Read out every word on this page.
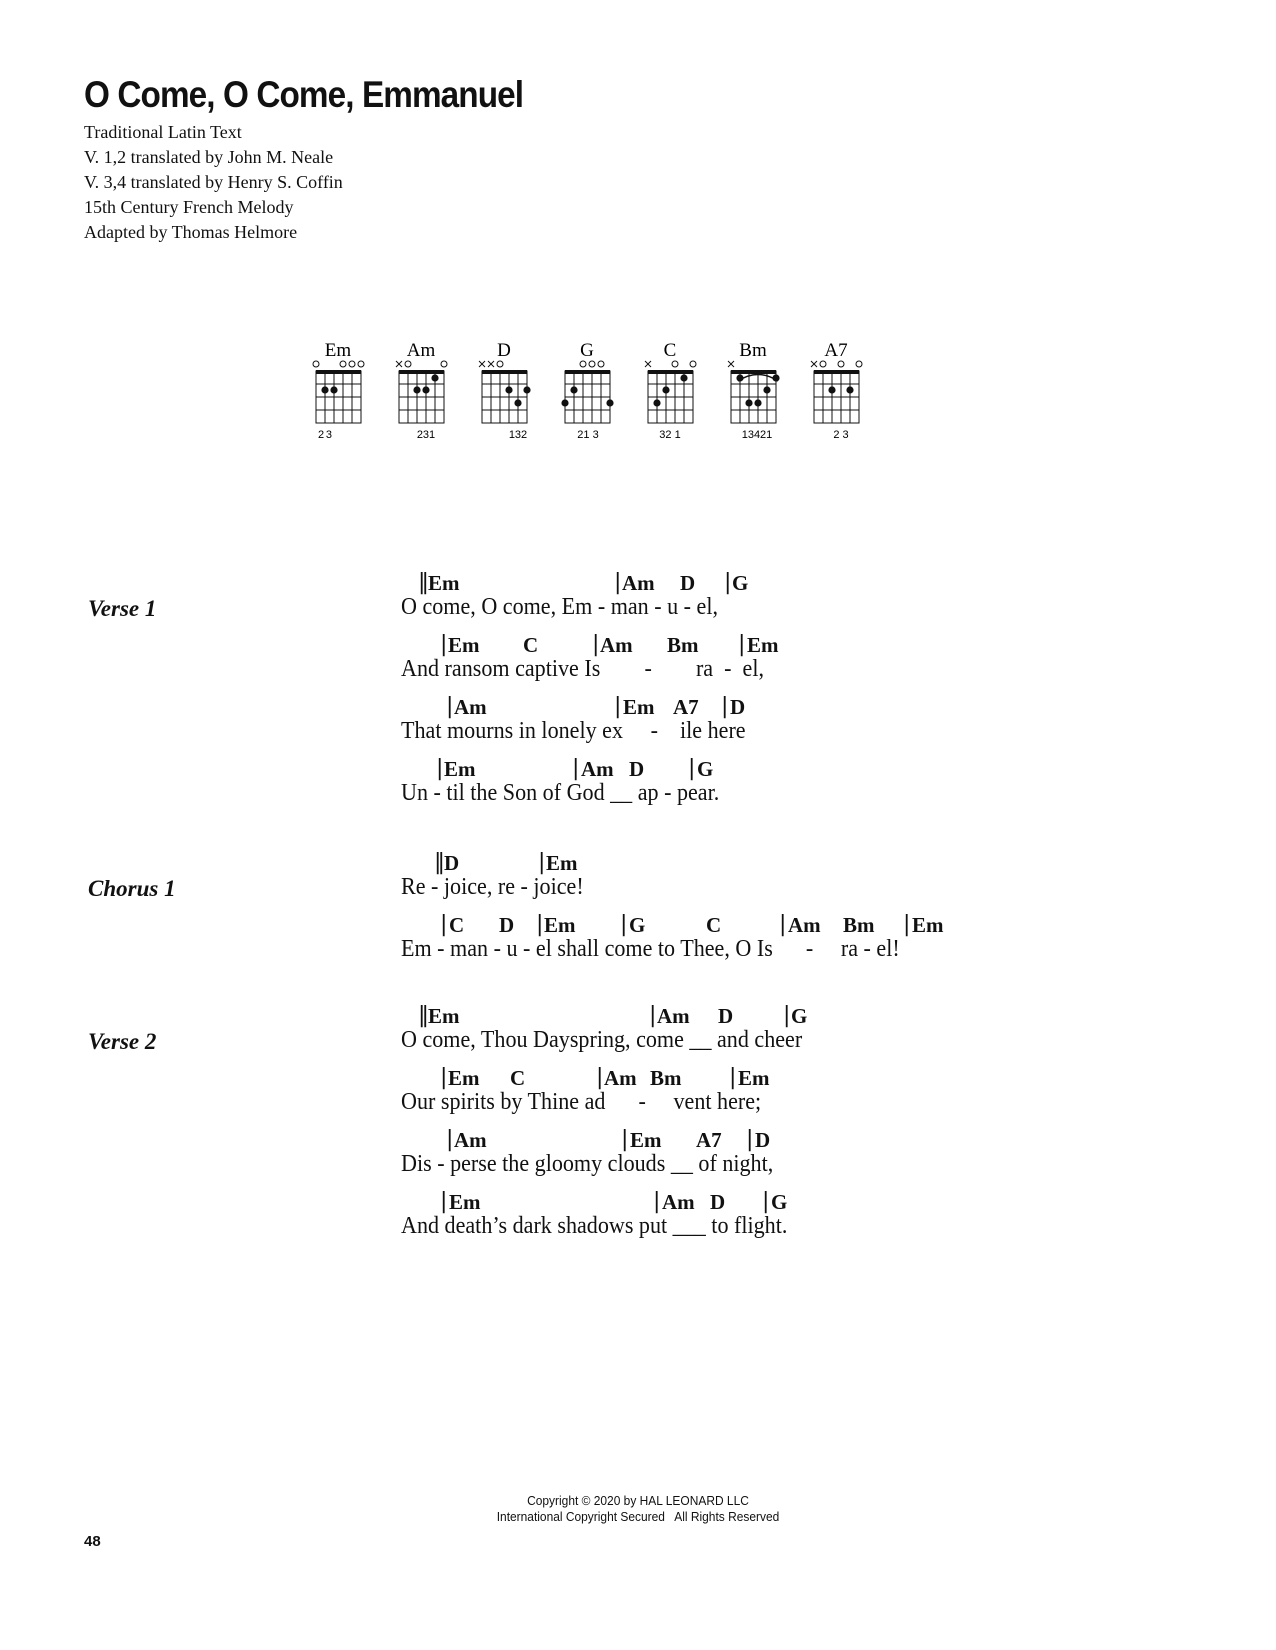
O Come, O Come, Emmanuel
Traditional Latin Text
V. 1,2 translated by John M. Neale
V. 3,4 translated by Henry S. Coffin
15th Century French Melody
Adapted by Thomas Helmore
Em
23
Am
231
D
132
G
21 3
C
32 1
Bm
13421
A7
2 3
Verse 1
‖ Em	| Am D | G
O come, O come, Em - man - u - el,
| Em C | Am Bm | Em
And ransom captive Is        -        ra  -  el,
| Am	| Em A7 | D
That mourns in lonely ex     -    ile here
| Em	| Am D | G
Un - til the Son of God __ ap - pear.
Chorus 1
‖ D	| Em
Re - joice, re - joice!
| C D | Em | G	C	| Am Bm | Em
Em - man - u - el shall come to Thee, O Is      -     ra - el!
Verse 2
‖ Em	| Am D | G
O come, Thou Dayspring, come __ and cheer
| Em C	| Am Bm | Em
Our spirits by Thine ad      -     vent here;
| Am	| Em A7 | D
Dis - perse the gloomy clouds __ of night,
| Em	| Am D | G
And death’s dark shadows put ___ to flight.
Copyright © 2020 by HAL LEONARD LLC
International Copyright Secured   All Rights Reserved
48
